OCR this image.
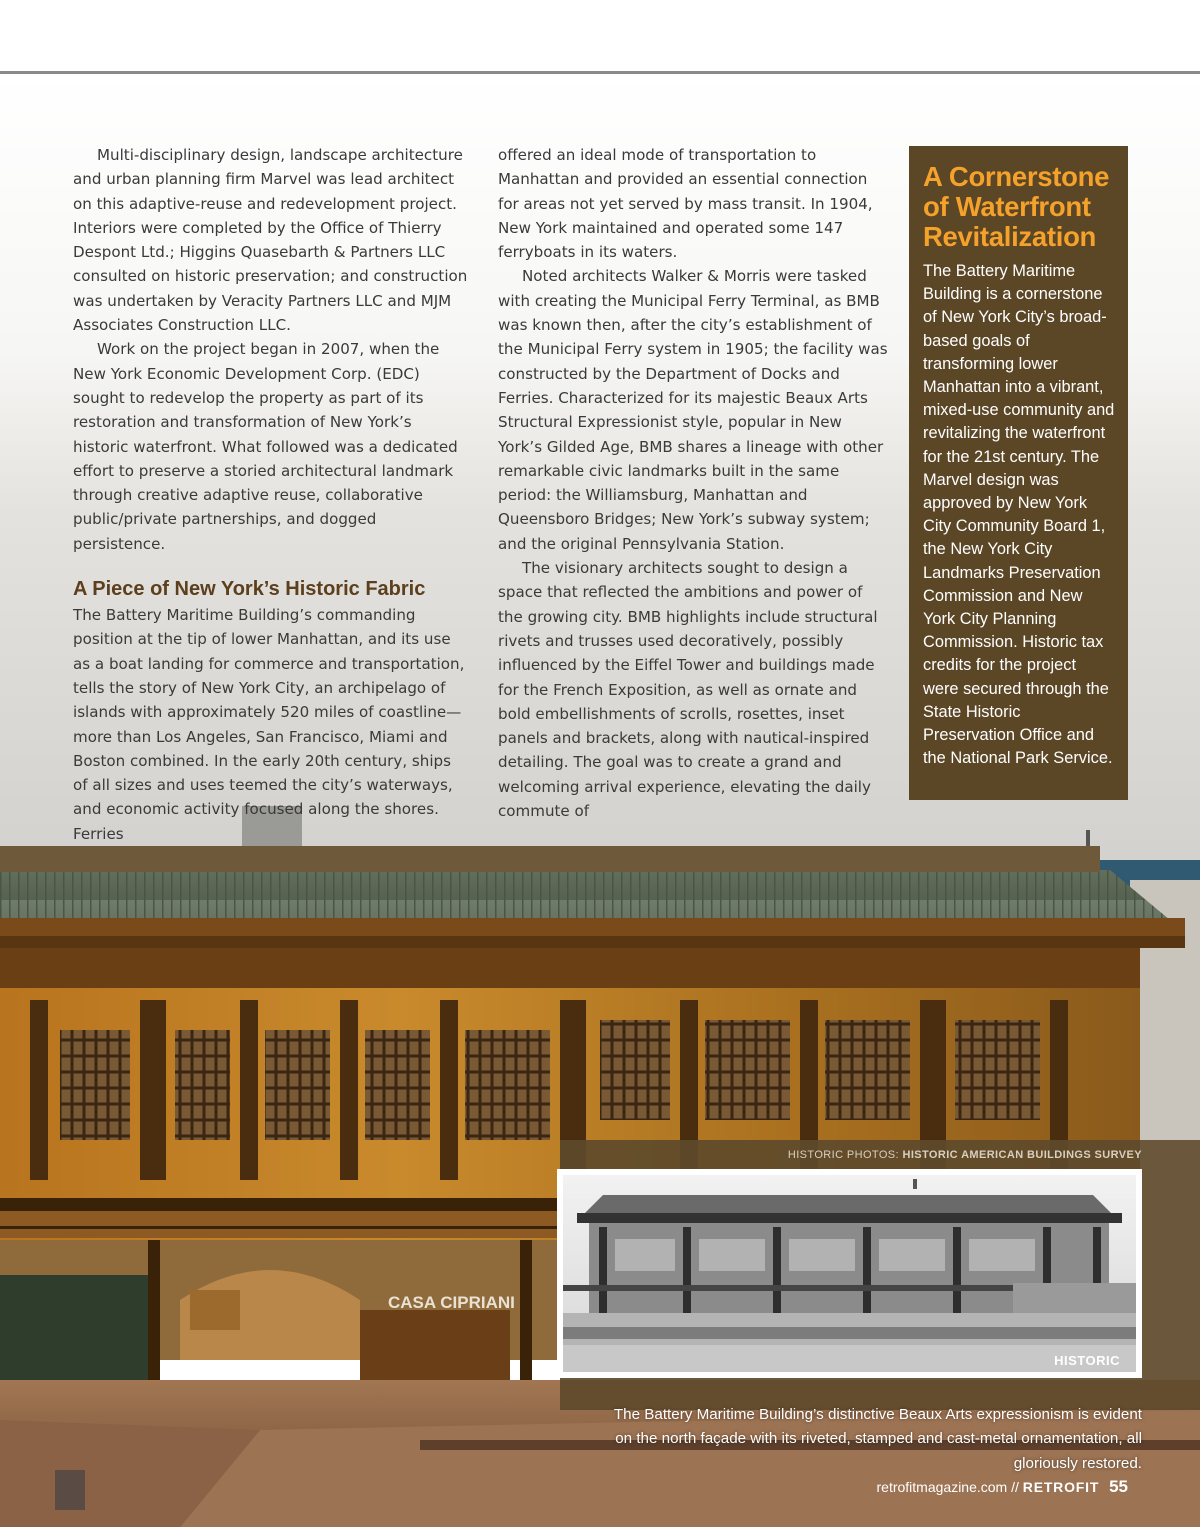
CASA CIPRIANI

Multi-disciplinary design, landscape architecture and urban planning firm Marvel was lead architect on this adaptive-reuse and redevelopment project. Interiors were completed by the Office of Thierry Despont Ltd.; Higgins Quasebarth & Partners LLC consulted on historic preservation; and construction was undertaken by Veracity Partners LLC and MJM Associates Construction LLC.

Work on the project began in 2007, when the New York Economic Development Corp. (EDC) sought to redevelop the property as part of its restoration and transformation of New York’s historic waterfront. What followed was a dedicated effort to preserve a storied architectural landmark through creative adaptive reuse, collaborative public/private partnerships, and dogged persistence.

A Piece of New York’s Historic Fabric

The Battery Maritime Building’s commanding position at the tip of lower Manhattan, and its use as a boat landing for commerce and transportation, tells the story of New York City, an archipelago of islands with approximately 520 miles of coastline—more than Los Angeles, San Francisco, Miami and Boston combined. In the early 20th century, ships of all sizes and uses teemed the city’s waterways, and economic activity focused along the shores. Ferries

offered an ideal mode of transportation to Manhattan and provided an essential connection for areas not yet served by mass transit. In 1904, New York maintained and operated some 147 ferryboats in its waters.

Noted architects Walker & Morris were tasked with creating the Municipal Ferry Terminal, as BMB was known then, after the city’s establishment of the Municipal Ferry system in 1905; the facility was constructed by the Department of Docks and Ferries. Characterized for its majestic Beaux Arts Structural Expressionist style, popular in New York’s Gilded Age, BMB shares a lineage with other remarkable civic landmarks built in the same period: the Williamsburg, Manhattan and Queensboro Bridges; New York’s subway system; and the original Pennsylvania Station.

The visionary architects sought to design a space that reflected the ambitions and power of the growing city. BMB highlights include structural rivets and trusses used decoratively, possibly influenced by the Eiffel Tower and buildings made for the French Exposition, as well as ornate and bold embellishments of scrolls, rosettes, inset panels and brackets, along with nautical-inspired detailing. The goal was to create a grand and welcoming arrival experience, elevating the daily commute of

A Cornerstone of Waterfront Revitalization

The Battery Maritime Building is a cornerstone of New York City’s broad-based goals of transforming lower Manhattan into a vibrant, mixed-use community and revitalizing the waterfront for the 21st century. The Marvel design was approved by New York City Community Board 1, the New York City Landmarks Preservation Commission and New York City Planning Commission. Historic tax credits for the project were secured through the State Historic Preservation Office and the National Park Service.

HISTORIC PHOTOS: HISTORIC AMERICAN BUILDINGS SURVEY
HISTORIC

The Battery Maritime Building’s distinctive Beaux Arts expressionism is evident on the north façade with its riveted, stamped and cast-metal ornamentation, all gloriously restored.

retrofitmagazine.com // RETROFIT 55
